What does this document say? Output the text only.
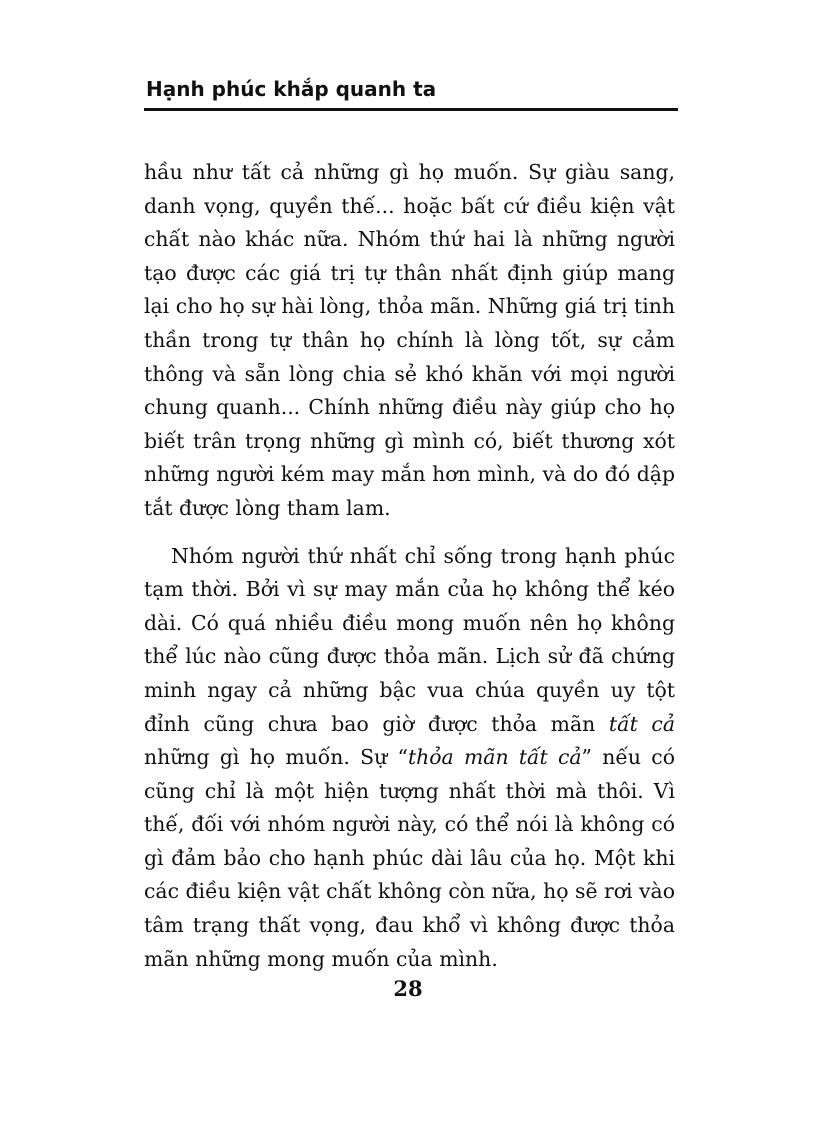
Hạnh phúc khắp quanh ta

hầu như tất cả những gì họ muốn. Sự giàu sang, danh vọng, quyền thế... hoặc bất cứ điều kiện vật chất nào khác nữa. Nhóm thứ hai là những người tạo được các giá trị tự thân nhất định giúp mang lại cho họ sự hài lòng, thỏa mãn. Những giá trị tinh thần trong tự thân họ chính là lòng tốt, sự cảm thông và sẵn lòng chia sẻ khó khăn với mọi người chung quanh... Chính những điều này giúp cho họ biết trân trọng những gì mình có, biết thương xót những người kém may mắn hơn mình, và do đó dập tắt được lòng tham lam.

Nhóm người thứ nhất chỉ sống trong hạnh phúc tạm thời. Bởi vì sự may mắn của họ không thể kéo dài. Có quá nhiều điều mong muốn nên họ không thể lúc nào cũng được thỏa mãn. Lịch sử đã chứng minh ngay cả những bậc vua chúa quyền uy tột đỉnh cũng chưa bao giờ được thỏa mãn tất cả những gì họ muốn. Sự “thỏa mãn tất cả” nếu có cũng chỉ là một hiện tượng nhất thời mà thôi. Vì thế, đối với nhóm người này, có thể nói là không có gì đảm bảo cho hạnh phúc dài lâu của họ. Một khi các điều kiện vật chất không còn nữa, họ sẽ rơi vào tâm trạng thất vọng, đau khổ vì không được thỏa mãn những mong muốn của mình.

28
